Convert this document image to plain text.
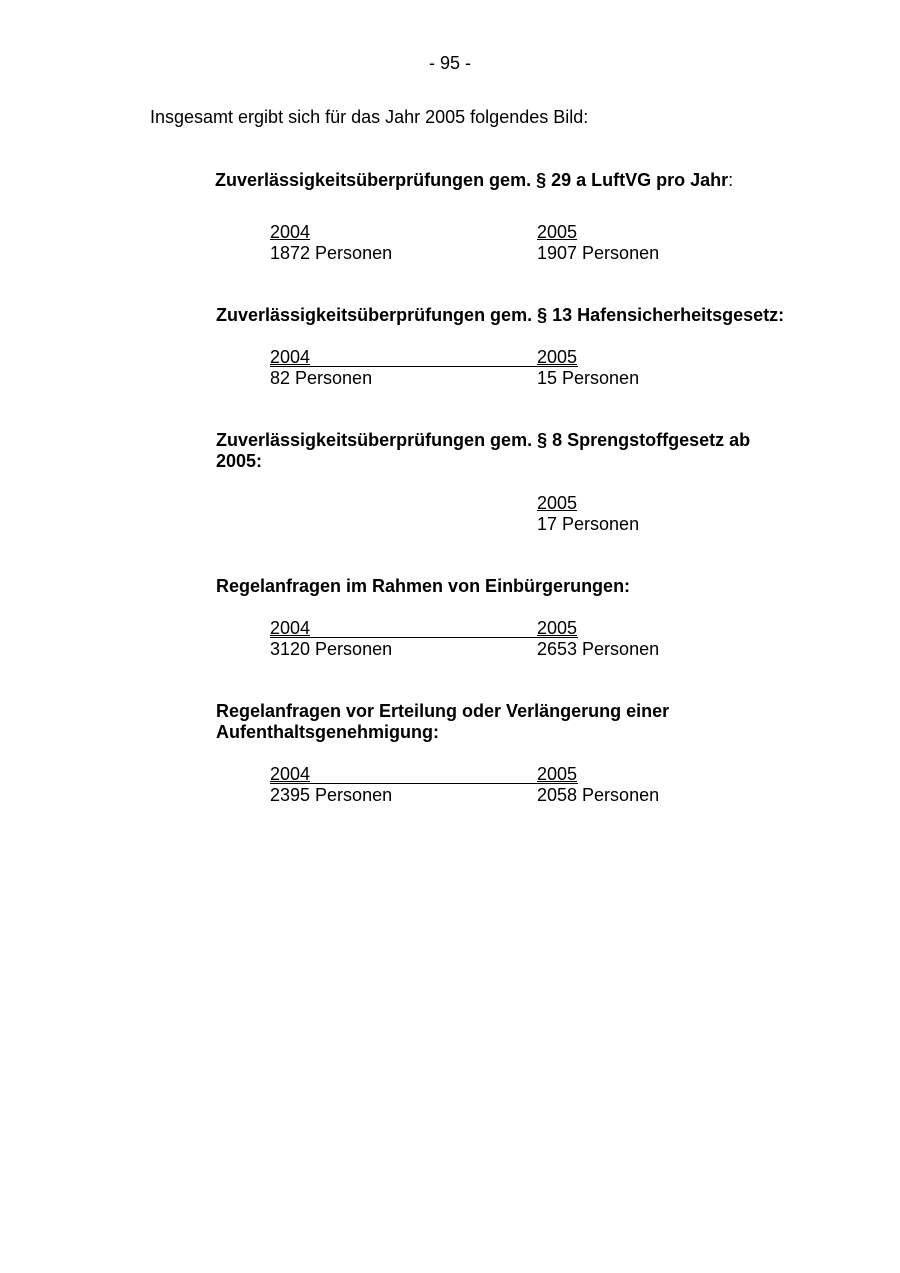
- 95 -
Insgesamt ergibt sich für das Jahr 2005 folgendes Bild:
Zuverlässigkeitsüberprüfungen gem. § 29 a LuftVG pro Jahr:
2004
1872 Personen
2005
1907 Personen
Zuverlässigkeitsüberprüfungen gem. § 13 Hafensicherheitsgesetz:
2004
82 Personen
2005
15 Personen
Zuverlässigkeitsüberprüfungen gem. § 8 Sprengstoffgesetz ab 2005:
2005
17 Personen
Regelanfragen im Rahmen von Einbürgerungen:
2004
3120 Personen
2005
2653 Personen
Regelanfragen vor Erteilung oder Verlängerung einer Aufenthaltsgenehmigung:
2004
2395 Personen
2005
2058 Personen
